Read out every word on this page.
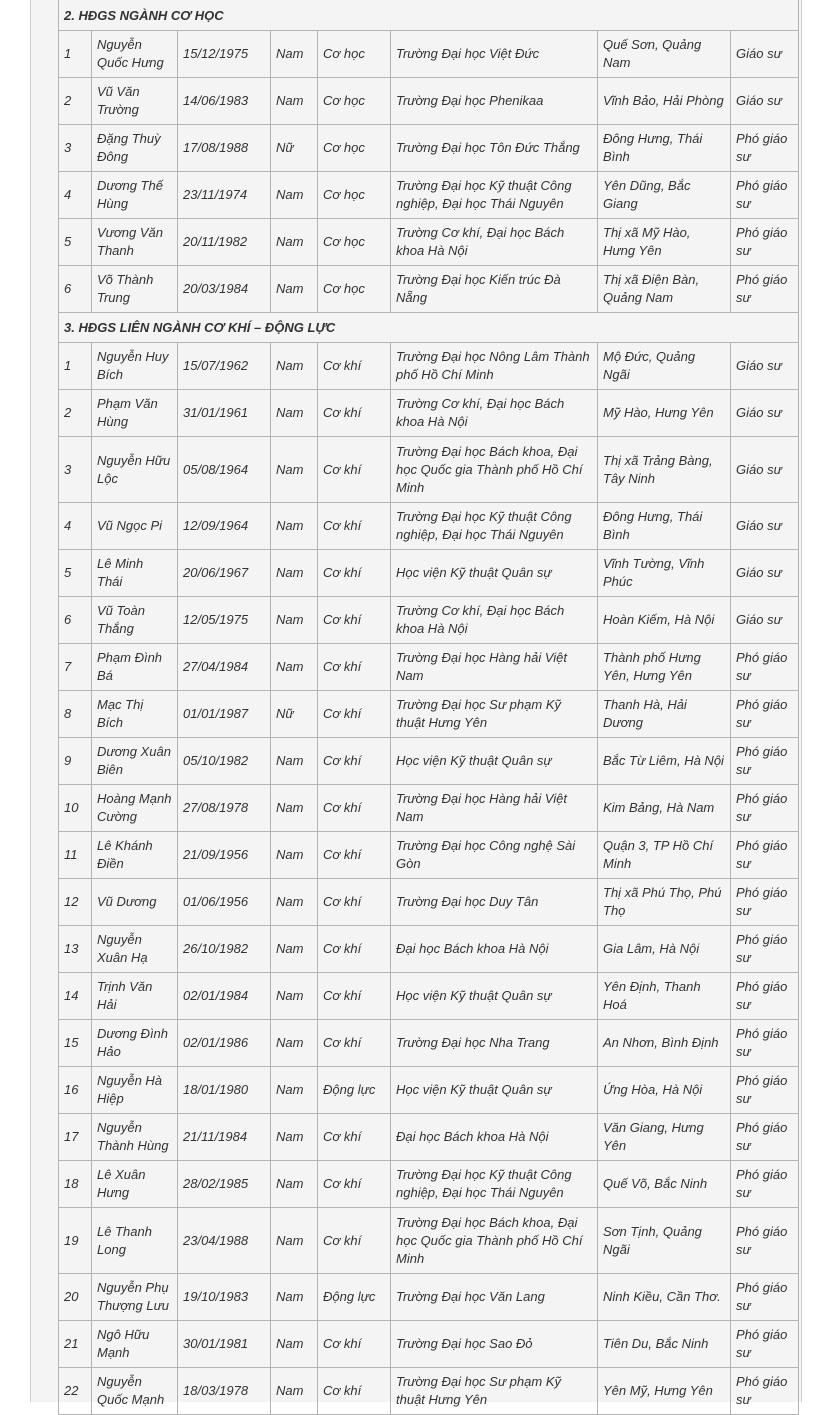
2. HĐGS NGÀNH CƠ HỌC							
1	Nguyễn Quốc Hưng	15/12/1975	Nam	Cơ học	Trường Đại học Việt Đức	Quế Sơn, Quảng Nam	Giáo sư
2	Vũ Văn Trường	14/06/1983	Nam	Cơ học	Trường Đại học Phenikaa	Vĩnh Bảo, Hải Phòng	Giáo sư
3	Đặng Thuỳ Đông	17/08/1988	Nữ	Cơ học	Trường Đại học Tôn Đức Thắng	Đông Hưng, Thái Bình	Phó giáo sư
4	Dương Thế Hùng	23/11/1974	Nam	Cơ học	Trường Đại học Kỹ thuật Công nghiệp, Đại học Thái Nguyên	Yên Dũng, Bắc Giang	Phó giáo sư
5	Vương Văn Thanh	20/11/1982	Nam	Cơ học	Trường Cơ khí, Đại học Bách khoa Hà Nội	Thị xã Mỹ Hào, Hưng Yên	Phó giáo sư
6	Võ Thành Trung	20/03/1984	Nam	Cơ học	Trường Đại học Kiến trúc Đà Nẵng	Thị xã Điện Bàn, Quảng Nam	Phó giáo sư
3. HĐGS LIÊN NGÀNH CƠ KHÍ – ĐỘNG LỰC							
1	Nguyễn Huy Bích	15/07/1962	Nam	Cơ khí	Trường Đại học Nông Lâm Thành phố Hồ Chí Minh	Mộ Đức, Quảng Ngãi	Giáo sư
2	Phạm Văn Hùng	31/01/1961	Nam	Cơ khí	Trường Cơ khí, Đại học Bách khoa Hà Nội	Mỹ Hào, Hưng Yên	Giáo sư
3	Nguyễn Hữu Lộc	05/08/1964	Nam	Cơ khí	Trường Đại học Bách khoa, Đại học Quốc gia Thành phố Hồ Chí Minh	Thị xã Trảng Bàng, Tây Ninh	Giáo sư
4	Vũ Ngọc Pi	12/09/1964	Nam	Cơ khí	Trường Đại học Kỹ thuật Công nghiệp, Đại học Thái Nguyên	Đông Hưng, Thái Bình	Giáo sư
5	Lê Minh Thái	20/06/1967	Nam	Cơ khí	Học viện Kỹ thuật Quân sự	Vĩnh Tường, Vĩnh Phúc	Giáo sư
6	Vũ Toàn Thắng	12/05/1975	Nam	Cơ khí	Trường Cơ khí, Đại học Bách khoa Hà Nội	Hoàn Kiếm, Hà Nội	Giáo sư
7	Phạm Đình Bá	27/04/1984	Nam	Cơ khí	Trường Đại học Hàng hải Việt Nam	Thành phố Hưng Yên, Hưng Yên	Phó giáo sư
8	Mạc Thị Bích	01/01/1987	Nữ	Cơ khí	Trường Đại học Sư phạm Kỹ thuật Hưng Yên	Thanh Hà, Hải Dương	Phó giáo sư
9	Dương Xuân Biên	05/10/1982	Nam	Cơ khí	Học viện Kỹ thuật Quân sự	Bắc Từ Liêm, Hà Nội	Phó giáo sư
10	Hoàng Mạnh Cường	27/08/1978	Nam	Cơ khí	Trường Đại học Hàng hải Việt Nam	Kim Bảng, Hà Nam	Phó giáo sư
11	Lê Khánh Điền	21/09/1956	Nam	Cơ khí	Trường Đại học Công nghệ Sài Gòn	Quận 3, TP Hồ Chí Minh	Phó giáo sư
12	Vũ Dương	01/06/1956	Nam	Cơ khí	Trường Đại học Duy Tân	Thị xã Phú Thọ, Phú Thọ	Phó giáo sư
13	Nguyễn Xuân Hạ	26/10/1982	Nam	Cơ khí	Đại học Bách khoa Hà Nội	Gia Lâm, Hà Nội	Phó giáo sư
14	Trịnh Văn Hải	02/01/1984	Nam	Cơ khí	Học viện Kỹ thuật Quân sự	Yên Định, Thanh Hoá	Phó giáo sư
15	Dương Đình Hảo	02/01/1986	Nam	Cơ khí	Trường Đại học Nha Trang	An Nhơn, Bình Định	Phó giáo sư
16	Nguyễn Hà Hiệp	18/01/1980	Nam	Động lực	Học viện Kỹ thuật Quân sự	Ứng Hòa, Hà Nội	Phó giáo sư
17	Nguyễn Thành Hùng	21/11/1984	Nam	Cơ khí	Đại học Bách khoa Hà Nội	Văn Giang, Hưng Yên	Phó giáo sư
18	Lê Xuân Hưng	28/02/1985	Nam	Cơ khí	Trường Đại học Kỹ thuật Công nghiệp, Đại học Thái Nguyên	Quế Võ, Bắc Ninh	Phó giáo sư
19	Lê Thanh Long	23/04/1988	Nam	Cơ khí	Trường Đại học Bách khoa, Đại học Quốc gia Thành phố Hồ Chí Minh	Sơn Tịnh, Quảng Ngãi	Phó giáo sư
20	Nguyễn Phụ Thượng Lưu	19/10/1983	Nam	Động lực	Trường Đại học Văn Lang	Ninh Kiều, Cần Thơ.	Phó giáo sư
21	Ngô Hữu Mạnh	30/01/1981	Nam	Cơ khí	Trường Đại học Sao Đỏ	Tiên Du, Bắc Ninh	Phó giáo sư
22	Nguyễn Quốc Mạnh	18/03/1978	Nam	Cơ khí	Trường Đại học Sư phạm Kỹ thuật Hưng Yên	Yên Mỹ, Hưng Yên	Phó giáo sư
